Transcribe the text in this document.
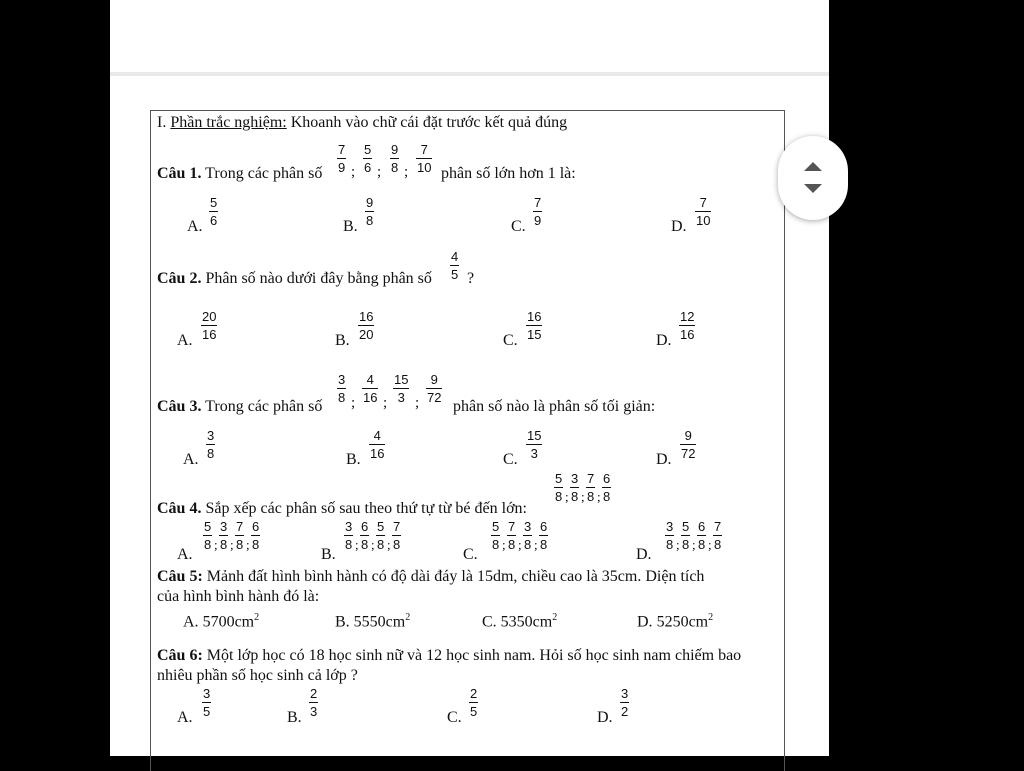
I. Phần trắc nghiệm: Khoanh vào chữ cái đặt trước kết quả đúng
Câu 1. Trong các phân số
7
9 ;
5
6 ;
9
8 ;
7
10 phân số lớn hơn 1 là:
A.
5
6	B.
9
8	C.
7
9	D.
7
10
Câu 2. Phân số nào dưới đây bằng phân số
4
5 ?
A.
20
16	B.
16
20	C.
16
15	D.
12
16
Câu 3. Trong các phân số
3
8 ;
4
16 ;
15
3 ;
9
72
phân số nào là phân số tối giản:
A.
3
8	B.
4
16	C.
15
3	D.
9
72
Câu 4. Sắp xếp các phân số sau theo thứ tự từ bé đến lớn:
5
8 ;
3
8 ;
7
8 ;
6
8
A.
5
8 ;
3
8 ;
7
8 ;
6
8
B.
3
8 ;
6
8 ;
5
8 ;
7
8
C.
5
8 ;
7
8 ;
3
8 ;
6
8
D.
3
8 ;
5
8 ;
6
8 ;
7
8
Câu 5: Mảnh đất hình bình hành có độ dài đáy là 15dm, chiều cao là 35cm. Diện tích
của hình bình hành đó là:
A. $5700cm^2$	B. $5550cm^2$	C. $5350cm^2$	D. $5250cm^2$
Câu 6: Một lớp học có 18 học sinh nữ và 12 học sinh nam. Hỏi số học sinh nam chiếm bao
nhiêu phần số học sinh cả lớp ?
A.
3
5	B.
2
3	C.
2
5	D.
3
2
